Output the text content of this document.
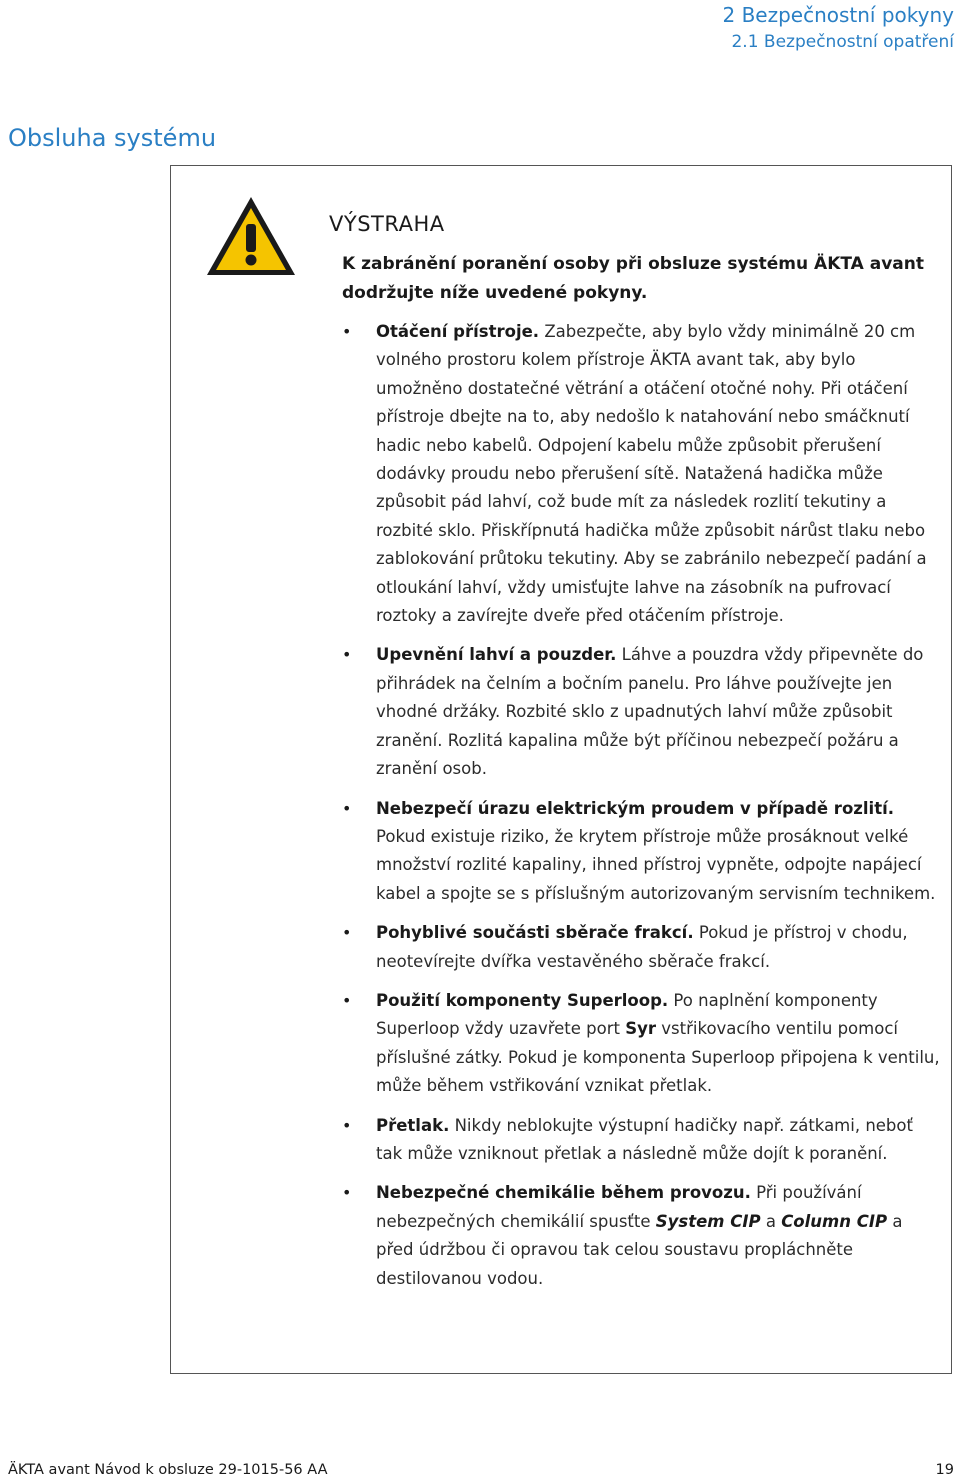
2 Bezpečnostní pokyny
2.1 Bezpečnostní opatření
Obsluha systému
VÝSTRAHA

K zabránění poranění osoby při obsluze systému ÄKTA avant dodržujte níže uvedené pokyny.

• Otáčení přístroje. Zabezpečte, aby bylo vždy minimálně 20 cm volného prostoru kolem přístroje ÄKTA avant tak, aby bylo umožněno dostatečné větrání a otáčení otočné nohy. Při otáčení přístroje dbejte na to, aby nedošlo k natahování nebo smáčknutí hadic nebo kabelů. Odpojení kabelu může způsobit přerušení dodávky proudu nebo přerušení sítě. Natažená hadička může způsobit pád lahví, což bude mít za následek rozlití tekutiny a rozbité sklo. Přiskřípnutá hadička může způsobit nárůst tlaku nebo zablokování průtoku tekutiny. Aby se zabránilo nebezpečí padání a otloukání lahví, vždy umisťujte lahve na zásobník na pufrovací roztoky a zavírejte dveře před otáčením přístroje.
• Upevnění lahví a pouzder. Láhve a pouzdra vždy připevněte do přihrádek na čelním a bočním panelu. Pro láhve používejte jen vhodné držáky. Rozbité sklo z upadnutých lahví může způsobit zranění. Rozlitá kapalina může být příčinou nebezpečí požáru a zranění osob.
• Nebezpečí úrazu elektrickým proudem v případě rozlití. Pokud existuje riziko, že krytem přístroje může prosáknout velké množství rozlité kapaliny, ihned přístroj vypněte, odpojte napájecí kabel a spojte se s příslušným autorizovaným servisním technikem.
• Pohyblivé součásti sběrače frakcí. Pokud je přístroj v chodu, neotevírejte dvířka vestavěného sběrače frakcí.
• Použití komponenty Superloop. Po naplnění komponenty Superloop vždy uzavřete port Syr vstřikovacího ventilu pomocí příslušné zátky. Pokud je komponenta Superloop připojena k ventilu, může během vstřikování vznikat přetlak.
• Přetlak. Nikdy neblokujte výstupní hadičky např. zátkami, neboť tak může vzniknout přetlak a následně může dojít k poranění.
• Nebezpečné chemikálie během provozu. Při používání nebezpečných chemikálií spusťte System CIP a Column CIP a před údržbou či opravou tak celou soustavu propláchněte destilovanou vodou.
ÄKTA avant Návod k obsluze 29-1015-56 AA	19
